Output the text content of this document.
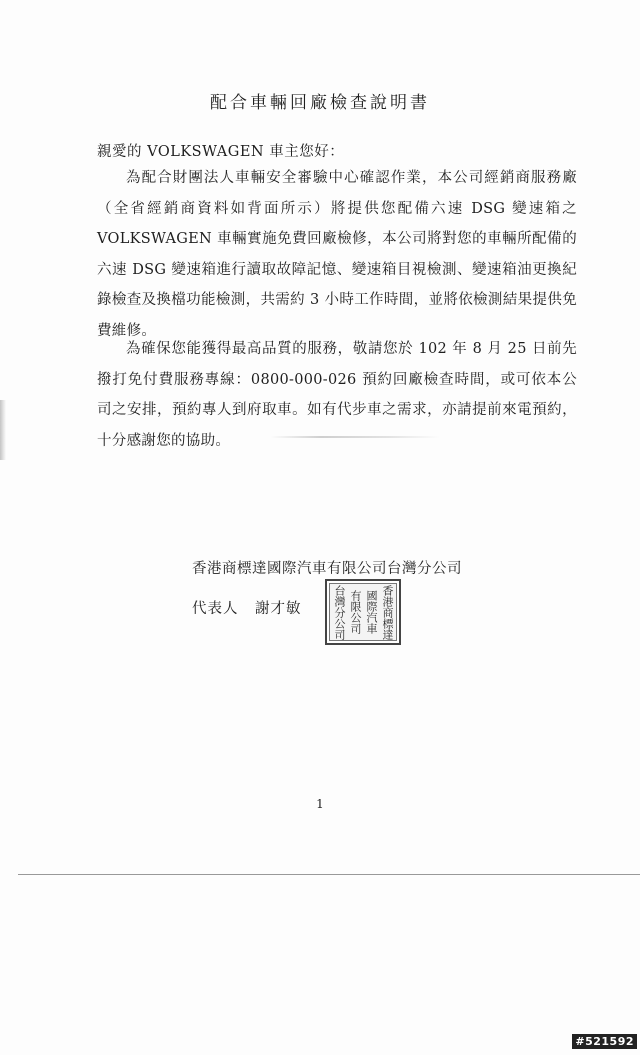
配合車輛回廠檢查說明書
親愛的 VOLKSWAGEN 車主您好：

為配合財團法人車輛安全審驗中心確認作業，本公司經銷商服務廠（全省經銷商資料如背面所示）將提供您配備六速 DSG 變速箱之 VOLKSWAGEN 車輛實施免費回廠檢修，本公司將對您的車輛所配備的六速 DSG 變速箱進行讀取故障記憶、變速箱目視檢測、變速箱油更換紀錄檢查及換檔功能檢測，共需約 3 小時工作時間，並將依檢測結果提供免費維修。

為確保您能獲得最高品質的服務，敬請您於 102 年 8 月 25 日前先撥打免付費服務專線：0800-000-026 預約回廠檢查時間，或可依本公司之安排，預約專人到府取車。如有代步車之需求，亦請提前來電預約，十分感謝您的協助。

香港商標達國際汽車有限公司台灣分公司
代表人 謝才敏	香港商標達
國際汽車
有限公司
台灣分公司
1
#521592
